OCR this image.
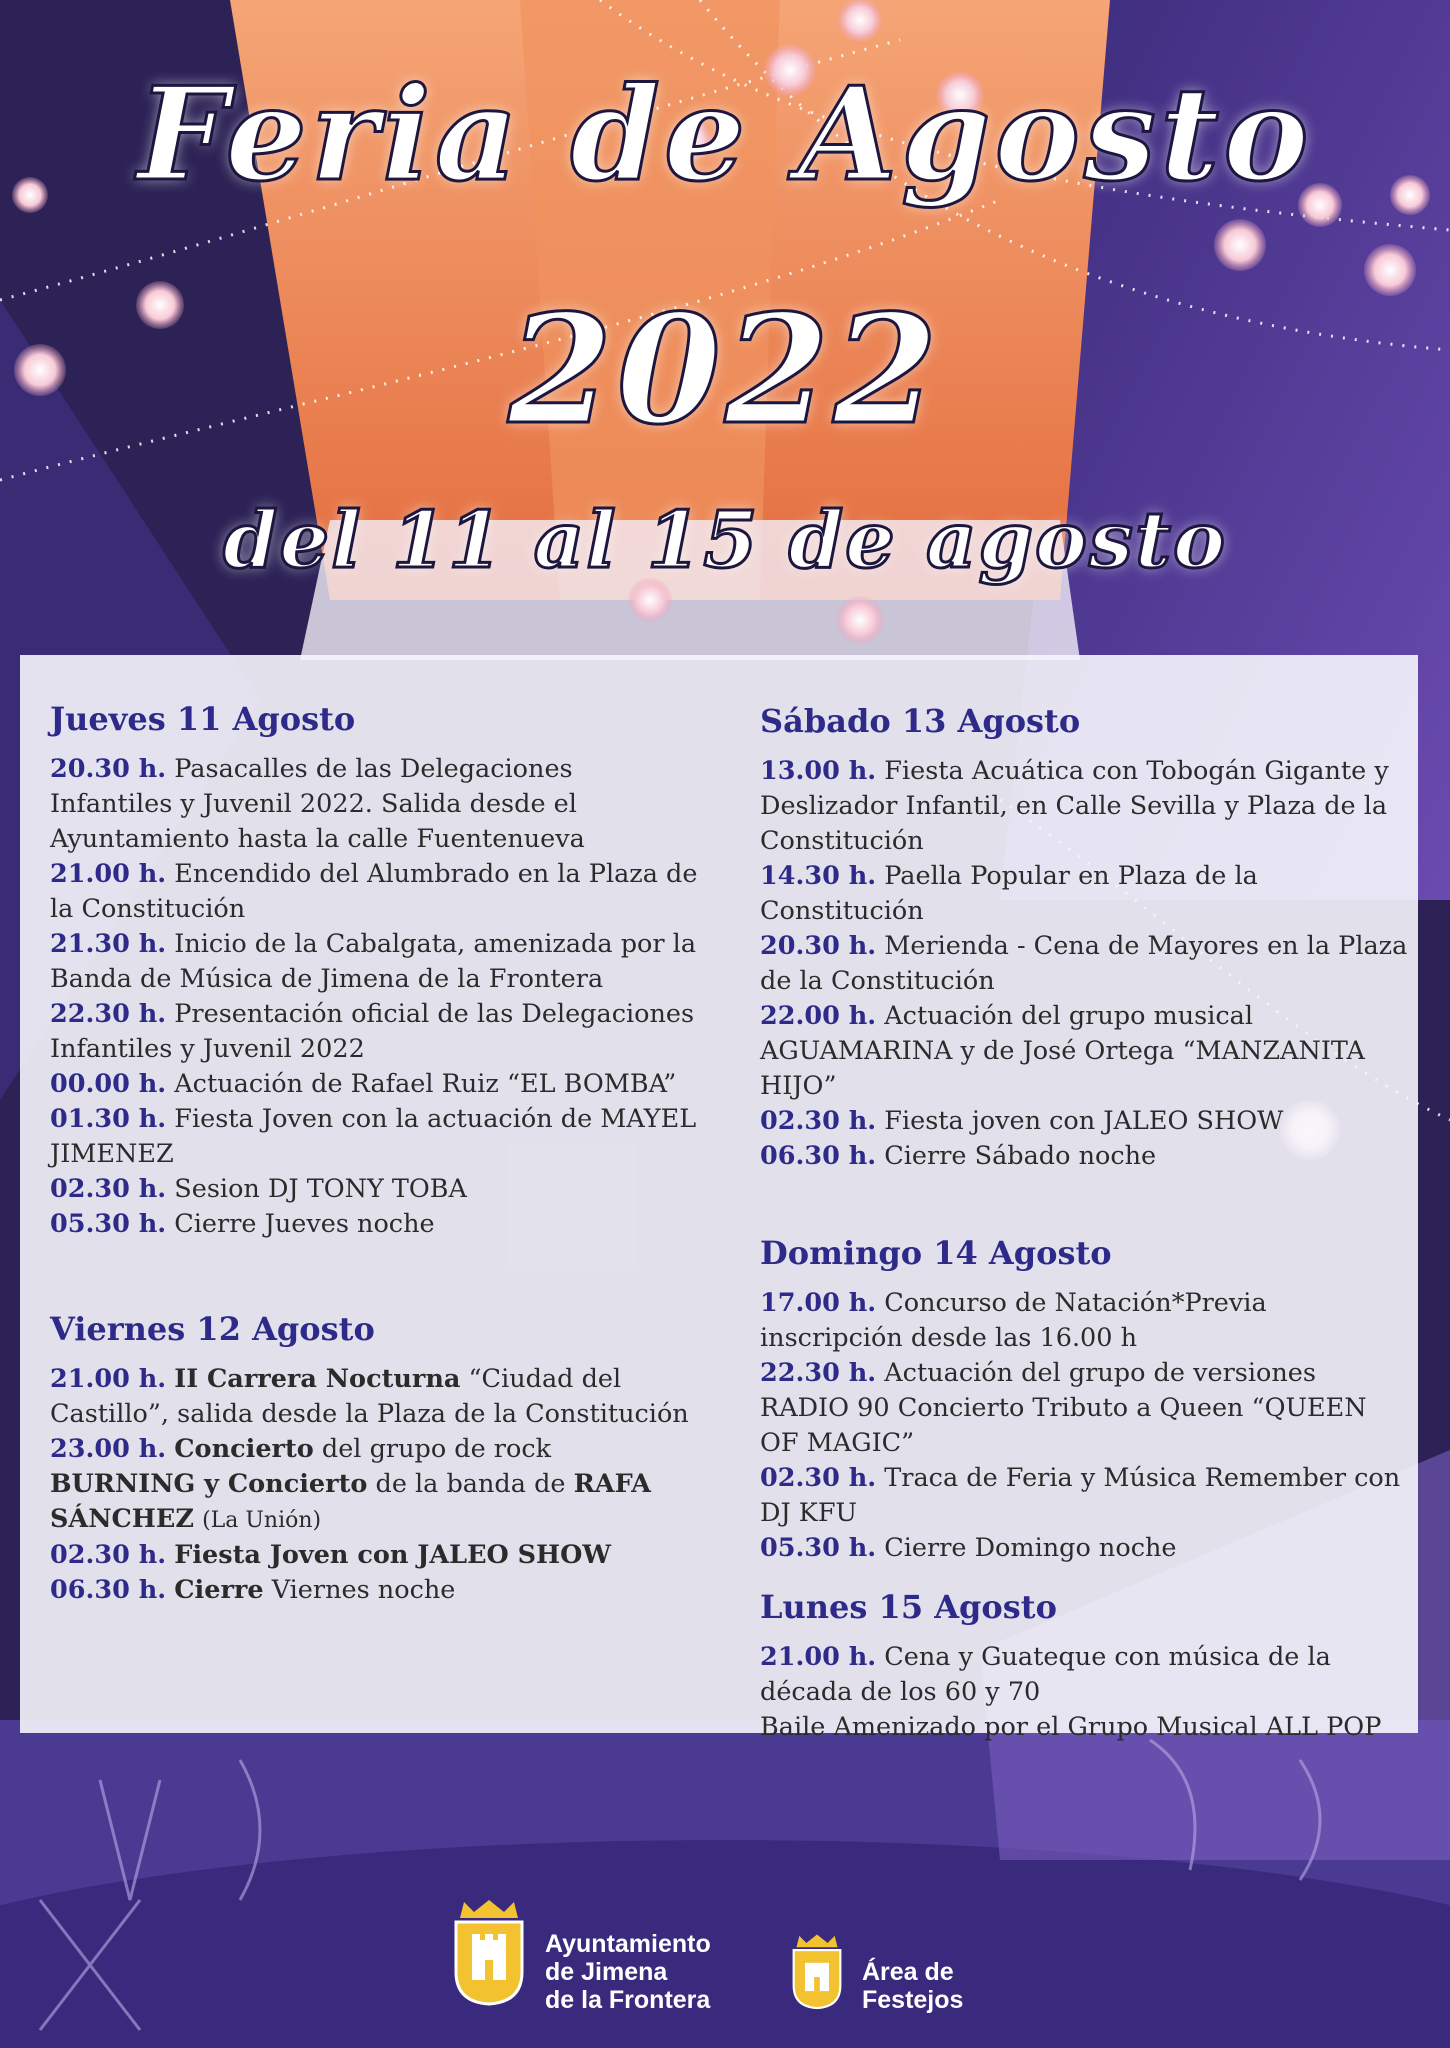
Feria de Agosto
2022
del 11 al 15 de agosto
Jueves 11 Agosto

20.30 h. Pasacalles de las Delegaciones Infantiles y Juvenil 2022. Salida desde el Ayuntamiento hasta la calle Fuentenueva

21.00 h. Encendido del Alumbrado en la Plaza de la Constitución

21.30 h. Inicio de la Cabalgata, amenizada por la Banda de Música de Jimena de la Frontera

22.30 h. Presentación oficial de las Delegaciones Infantiles y Juvenil 2022

00.00 h. Actuación de Rafael Ruiz “EL BOMBA”

01.30 h. Fiesta Joven con la actuación de MAYEL JIMENEZ

02.30 h. Sesion DJ TONY TOBA

05.30 h. Cierre Jueves noche

Viernes 12 Agosto

21.00 h. II Carrera Nocturna “Ciudad del Castillo”, salida desde la Plaza de la Constitución

23.00 h. Concierto del grupo de rock BURNING y Concierto de la banda de RAFA SÁNCHEZ (La Unión)

02.30 h. Fiesta Joven con JALEO SHOW

06.30 h. Cierre Viernes noche

Sábado 13 Agosto

13.00 h. Fiesta Acuática con Tobogán Gigante y Deslizador Infantil, en Calle Sevilla y Plaza de la Constitución

14.30 h. Paella Popular en Plaza de la Constitución

20.30 h. Merienda - Cena de Mayores en la Plaza de la Constitución

22.00 h. Actuación del grupo musical AGUAMARINA y de José Ortega “MANZANITA HIJO”

02.30 h. Fiesta joven con JALEO SHOW

06.30 h. Cierre Sábado noche

Domingo 14 Agosto

17.00 h. Concurso de Natación*Previa inscripción desde las 16.00 h

22.30 h. Actuación del grupo de versiones RADIO 90 Concierto Tributo a Queen “QUEEN OF MAGIC”

02.30 h. Traca de Feria y Música Remember con DJ KFU

05.30 h. Cierre Domingo noche

Lunes 15 Agosto

21.00 h. Cena y Guateque con música de la década de los 60 y 70

Baile Amenizado por el Grupo Musical ALL POP

Ayuntamiento
de Jimena
de la Frontera
Área de
Festejos
